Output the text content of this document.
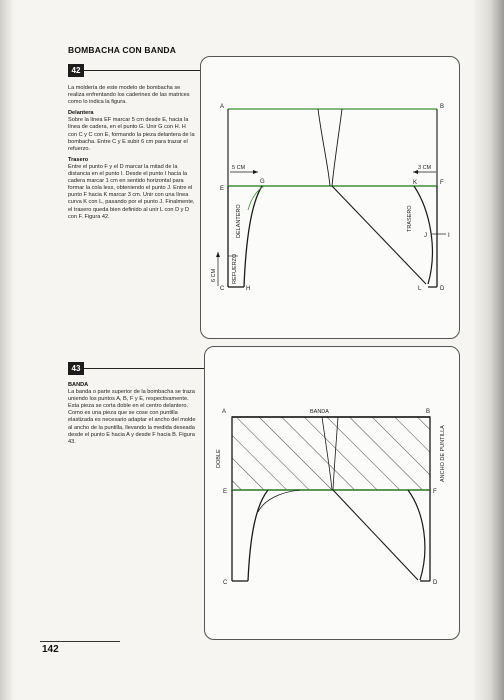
BOMBACHA CON BANDA
42

La moldería de este modelo de bombacha se realiza enfrentando los caderines de las matrices como lo indica la figura.

Delantera

Sobre la línea EF marcar 5 cm desde E, hacia la línea de cadera, en el punto G. Unir G con H. H con C y C con E, formando la pieza delantera de la bombacha. Entre C y E subir 6 cm para trazar el refuerzo.

Trasero

Entre el punto F y el D marcar la mitad de la distancia en el punto I. Desde el punto I hacia la cadera marcar 1 cm en sentido horizontal para formar la cola less, obteniendo el punto J. Entre el punto F hacia K marcar 3 cm. Unir con una línea curva K con L, pasando por el punto J. Finalmente, el trasero queda bien definido al unir L con D y D con F. Figura 42.

43

BANDA

La banda o parte superior de la bombacha se traza uniendo los puntos A, B, F y E, respectivamente. Esta pieza se corta doble en el centro delantero. Como es una pieza que se cose con puntilla elastizada es necesario adaptar el ancho del molde al ancho de la puntilla, llevando la medida deseada desde el punto E hacia A y desde F hacia B. Figura 43.

A	B
C	D
E
F
G
H
I
J
K
L
5 CM	3 CM
6 CM
DELANTERO	TRASERO
REFUERZO
A	B
C	D
E	F
BANDA
DOBLE	ANCHO DE PUNTILLA
142
